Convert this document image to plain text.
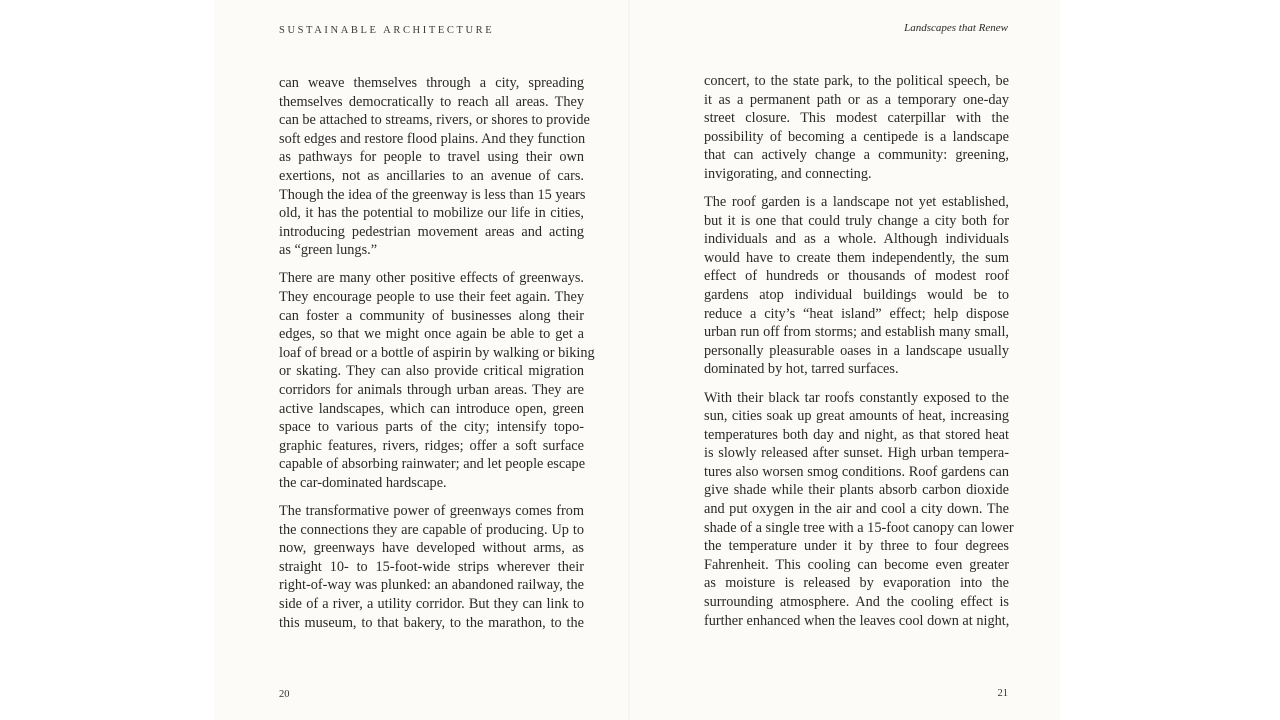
SUSTAINABLE ARCHITECTURE
can weave themselves through a city, spreading
themselves democratically to reach all areas. They
can be attached to streams, rivers, or shores to provide
soft edges and restore flood plains. And they function
as pathways for people to travel using their own
exertions, not as ancillaries to an avenue of cars.
Though the idea of the greenway is less than 15 years
old, it has the potential to mobilize our life in cities,
introducing pedestrian movement areas and acting
as “green lungs.”
There are many other positive effects of greenways.
They encourage people to use their feet again. They
can foster a community of businesses along their
edges, so that we might once again be able to get a
loaf of bread or a bottle of aspirin by walking or biking
or skating. They can also provide critical migration
corridors for animals through urban areas. They are
active landscapes, which can introduce open, green
space to various parts of the city; intensify topo-
graphic features, rivers, ridges; offer a soft surface
capable of absorbing rainwater; and let people escape
the car-dominated hardscape.
The transformative power of greenways comes from
the connections they are capable of producing. Up to
now, greenways have developed without arms, as
straight 10- to 15-foot-wide strips wherever their
right-of-way was plunked: an abandoned railway, the
side of a river, a utility corridor. But they can link to
this museum, to that bakery, to the marathon, to the
20
Landscapes that Renew
concert, to the state park, to the political speech, be
it as a permanent path or as a temporary one-day
street closure. This modest caterpillar with the
possibility of becoming a centipede is a landscape
that can actively change a community: greening,
invigorating, and connecting.
The roof garden is a landscape not yet established,
but it is one that could truly change a city both for
individuals and as a whole. Although individuals
would have to create them independently, the sum
effect of hundreds or thousands of modest roof
gardens atop individual buildings would be to
reduce a city’s “heat island” effect; help dispose
urban run off from storms; and establish many small,
personally pleasurable oases in a landscape usually
dominated by hot, tarred surfaces.
With their black tar roofs constantly exposed to the
sun, cities soak up great amounts of heat, increasing
temperatures both day and night, as that stored heat
is slowly released after sunset. High urban tempera-
tures also worsen smog conditions. Roof gardens can
give shade while their plants absorb carbon dioxide
and put oxygen in the air and cool a city down. The
shade of a single tree with a 15-foot canopy can lower
the temperature under it by three to four degrees
Fahrenheit. This cooling can become even greater
as moisture is released by evaporation into the
surrounding atmosphere. And the cooling effect is
further enhanced when the leaves cool down at night,
21
